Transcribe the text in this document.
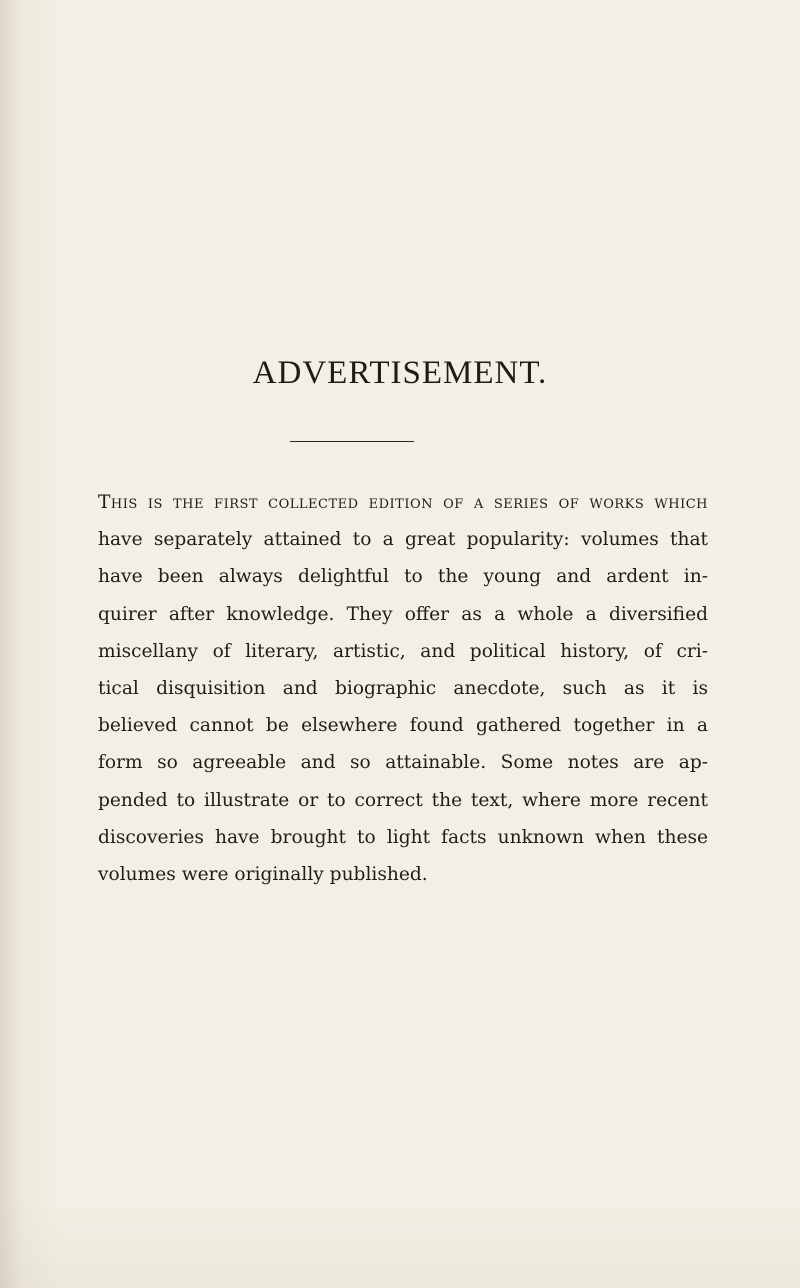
ADVERTISEMENT.
This is the first collected edition of a series of works which
have separately attained to a great popularity: volumes that
have been always delightful to the young and ardent in-
quirer after knowledge. They offer as a whole a diversified
miscellany of literary, artistic, and political history, of cri-
tical disquisition and biographic anecdote, such as it is
believed cannot be elsewhere found gathered together in a
form so agreeable and so attainable. Some notes are ap-
pended to illustrate or to correct the text, where more recent
discoveries have brought to light facts unknown when these
volumes were originally published.
